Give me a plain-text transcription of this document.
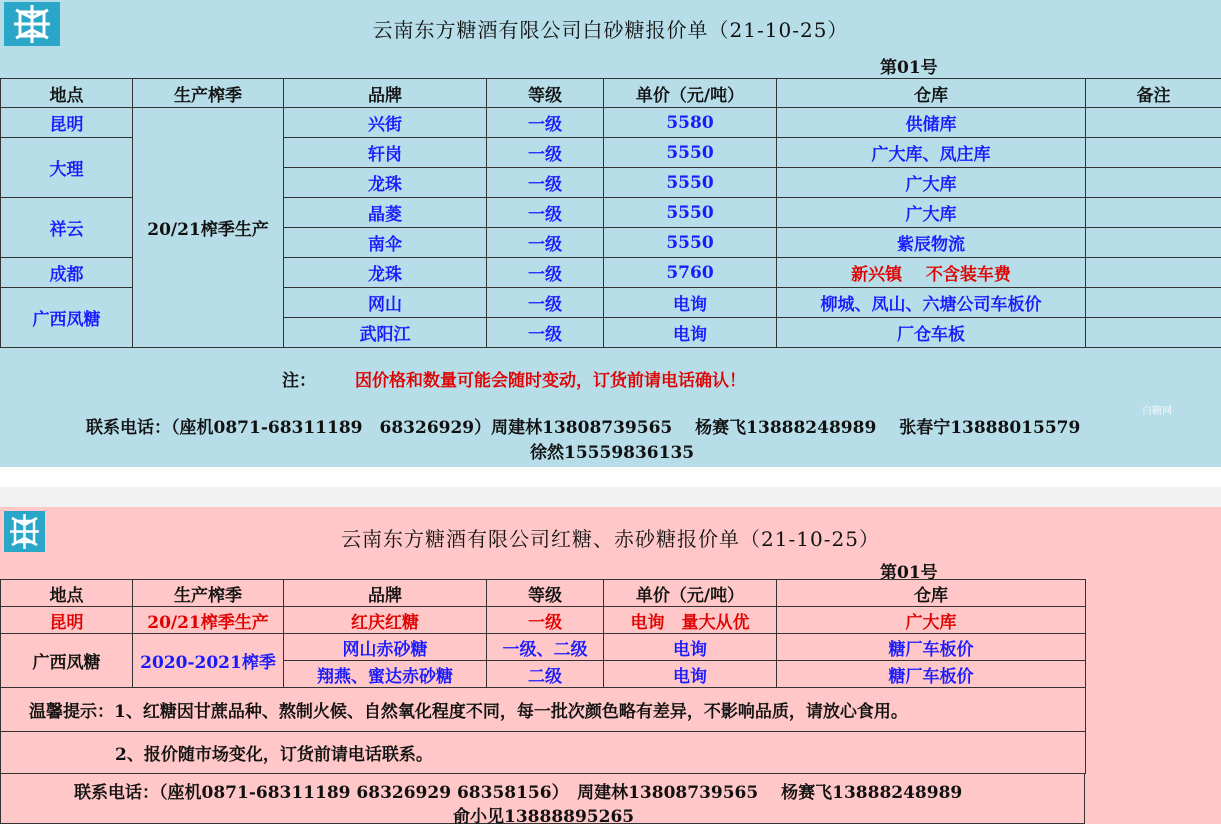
云南东方糖酒有限公司白砂糖报价单（21-10-25）
第01号
地点	生产榨季	品牌	等级	单价（元/吨）	仓库	备注
昆明	20/21榨季生产	兴街	一级	5580	供储库	
大理		轩岗	一级	5550	广大库、凤庄库	
		龙珠	一级	5550	广大库	
祥云		晶菱	一级	5550	广大库	
		南伞	一级	5550	紫辰物流	
成都		龙珠	一级	5760	新兴镇    不含装车费	
广西凤糖		网山	一级	电询	柳城、凤山、六塘公司车板价	
		武阳江	一级	电询	厂仓车板	
注： 因价格和数量可能会随时变动，订货前请电话确认！
联系电话：（座机0871-68311189　68326929）周建林13808739565　 杨赛飞13888248989　 张春宁13888015579
徐然15559836135
白糖网
云南东方糖酒有限公司红糖、赤砂糖报价单（21-10-25）
第01号
地点	生产榨季	品牌	等级	单价（元/吨）	仓库
昆明	20/21榨季生产	红庆红糖	一级	电询　量大从优	广大库
广西凤糖	2020-2021榨季	网山赤砂糖	一级、二级	电询	糖厂车板价
		翔燕、蜜达赤砂糖	二级	电询	糖厂车板价
温馨提示：1、红糖因甘蔗品种、熬制火候、自然氧化程度不同，每一批次颜色略有差异，不影响品质，请放心食用。					
2、报价随市场变化，订货前请电话联系。					
联系电话：（座机0871-68311189 68326929 68358156）　周建林13808739565　 杨赛飞13888248989
俞小见13888895265
